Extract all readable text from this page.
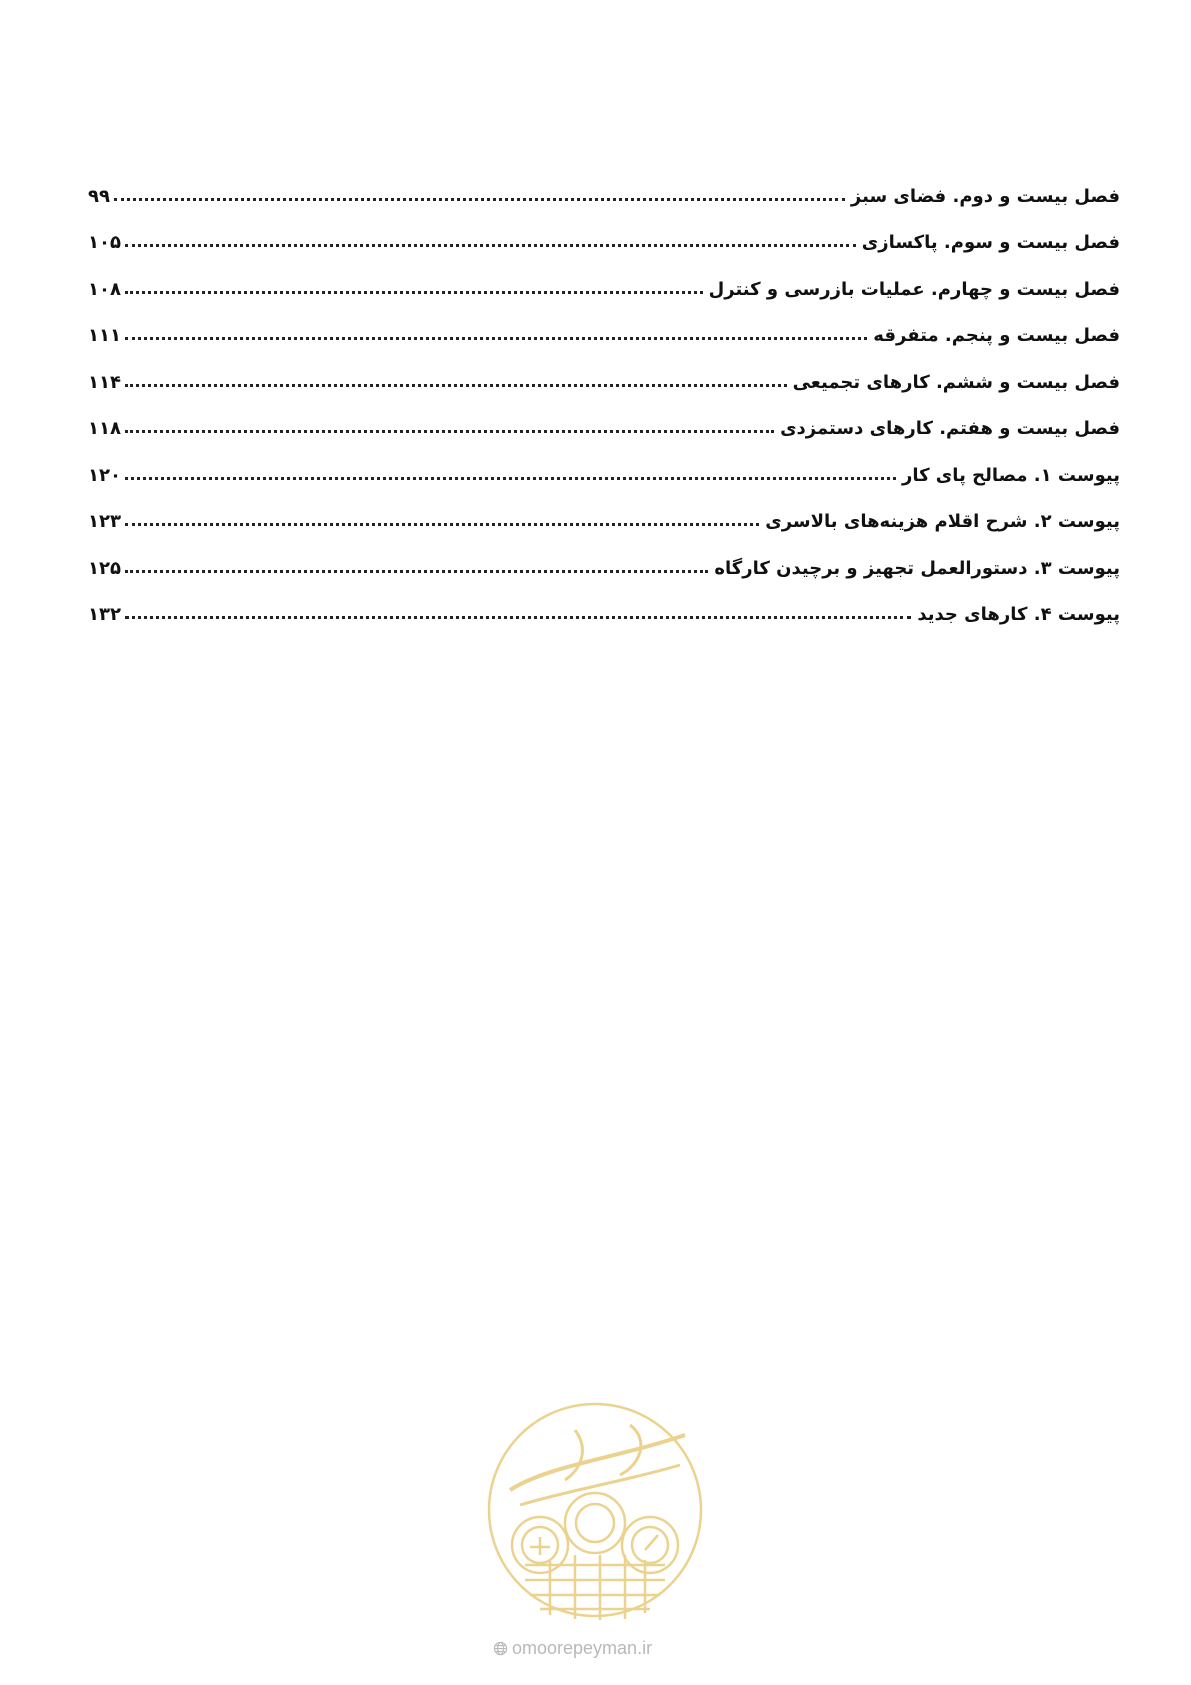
فصل بیست و دوم. فضای سبز
۹۹
فصل بیست و سوم. پاکسازی
۱۰۵
فصل بیست و چهارم. عملیات بازرسی و کنترل
۱۰۸
فصل بیست و پنجم. متفرقه
۱۱۱
فصل بیست و ششم. کارهای تجمیعی
۱۱۴
فصل بیست و هفتم. کارهای دستمزدی
۱۱۸
پیوست ۱. مصالح پای کار
۱۲۰
پیوست ۲. شرح اقلام هزینه‌های بالاسری
۱۲۳
پیوست ۳. دستورالعمل تجهیز و برچیدن کارگاه
۱۲۵
پیوست ۴. کارهای جدید
۱۳۲
omoorepeyman.ir
